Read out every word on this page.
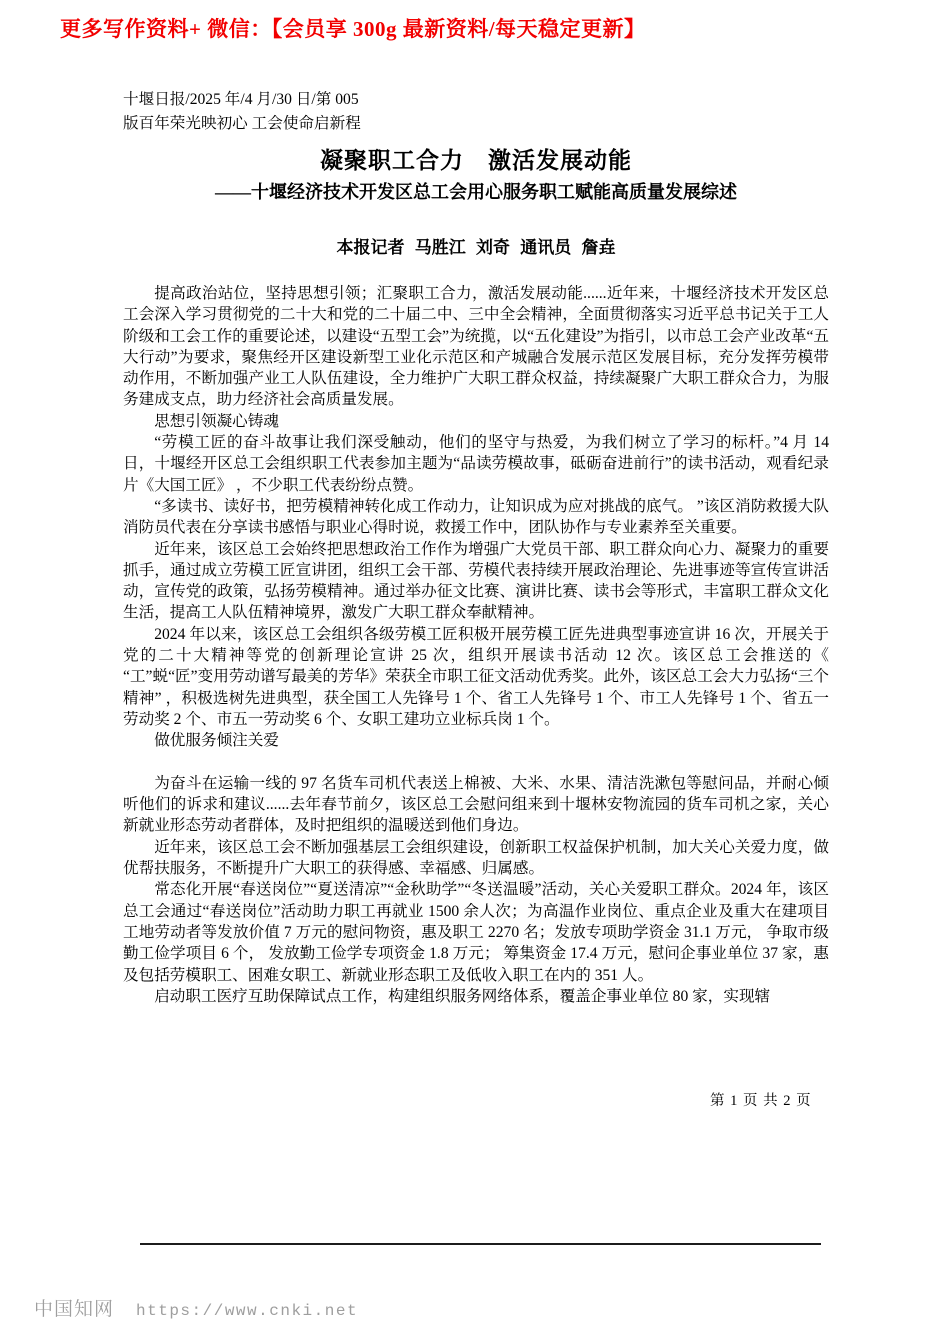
更多写作资料+ 微信：【会员享 300g 最新资料/每天稳定更新】
十堰日报/2025 年/4 月/30 日/第 005
版百年荣光映初心 工会使命启新程
凝聚职工合力　激活发展动能
——十堰经济技术开发区总工会用心服务职工赋能高质量发展综述
本报记者 马胜江 刘奇 通讯员 詹垚

提高政治站位，坚持思想引领；汇聚职工合力，激活发展动能......近年来，十堰经济技术开发区总工会深入学习贯彻党的二十大和党的二十届二中、三中全会精神，全面贯彻落实习近平总书记关于工人阶级和工会工作的重要论述，以建设“五型工会”为统揽，以“五化建设”为指引，以市总工会产业改革“五大行动”为要求，聚焦经开区建设新型工业化示范区和产城融合发展示范区发展目标，充分发挥劳模带动作用，不断加强产业工人队伍建设，全力维护广大职工群众权益，持续凝聚广大职工群众合力，为服务建成支点，助力经济社会高质量发展。

思想引领凝心铸魂

“劳模工匠的奋斗故事让我们深受触动，他们的坚守与热爱，为我们树立了学习的标杆。”4 月 14 日，十堰经开区总工会组织职工代表参加主题为“品读劳模故事，砥砺奋进前行”的读书活动，观看纪录片《大国工匠》 ，不少职工代表纷纷点赞。

“多读书、读好书，把劳模精神转化成工作动力，让知识成为应对挑战的底气。 ”该区消防救援大队消防员代表在分享读书感悟与职业心得时说，救援工作中，团队协作与专业素养至关重要。

近年来，该区总工会始终把思想政治工作作为增强广大党员干部、职工群众向心力、凝聚力的重要抓手，通过成立劳模工匠宣讲团，组织工会干部、劳模代表持续开展政治理论、先进事迹等宣传宣讲活动，宣传党的政策，弘扬劳模精神。通过举办征文比赛、演讲比赛、读书会等形式，丰富职工群众文化生活，提高工人队伍精神境界，激发广大职工群众奉献精神。

2024 年以来，该区总工会组织各级劳模工匠积极开展劳模工匠先进典型事迹宣讲 16 次，开展关于党的二十大精神等党的创新理论宣讲 25 次，组织开展读书活动 12 次。该区总工会推送的《 “工”蜕“匠”变用劳动谱写最美的芳华》荣获全市职工征文活动优秀奖。此外，该区总工会大力弘扬“三个精神” ，积极选树先进典型，获全国工人先锋号 1 个、省工人先锋号 1 个、市工人先锋号 1 个、省五一劳动奖 2 个、市五一劳动奖 6 个、女职工建功立业标兵岗 1 个。

做优服务倾注关爱

为奋斗在运输一线的 97 名货车司机代表送上棉被、大米、水果、清洁洗漱包等慰问品，并耐心倾听他们的诉求和建议......去年春节前夕，该区总工会慰问组来到十堰林安物流园的货车司机之家，关心新就业形态劳动者群体，及时把组织的温暖送到他们身边。

近年来，该区总工会不断加强基层工会组织建设，创新职工权益保护机制，加大关心关爱力度，做优帮扶服务，不断提升广大职工的获得感、幸福感、归属感。

常态化开展“春送岗位”“夏送清凉”“金秋助学”“冬送温暖”活动，关心关爱职工群众。2024 年，该区总工会通过“春送岗位”活动助力职工再就业 1500 余人次；为高温作业岗位、重点企业及重大在建项目工地劳动者等发放价值 7 万元的慰问物资，惠及职工 2270 名；发放专项助学资金 31.1 万元， 争取市级勤工俭学项目 6 个， 发放勤工俭学专项资金 1.8 万元； 筹集资金 17.4 万元，慰问企事业单位 37 家，惠及包括劳模职工、困难女职工、新就业形态职工及低收入职工在内的 351 人。

启动职工医疗互助保障试点工作，构建组织服务网络体系，覆盖企事业单位 80 家，实现辖

第 1 页 共 2 页
中国知网 https://www.cnki.net
